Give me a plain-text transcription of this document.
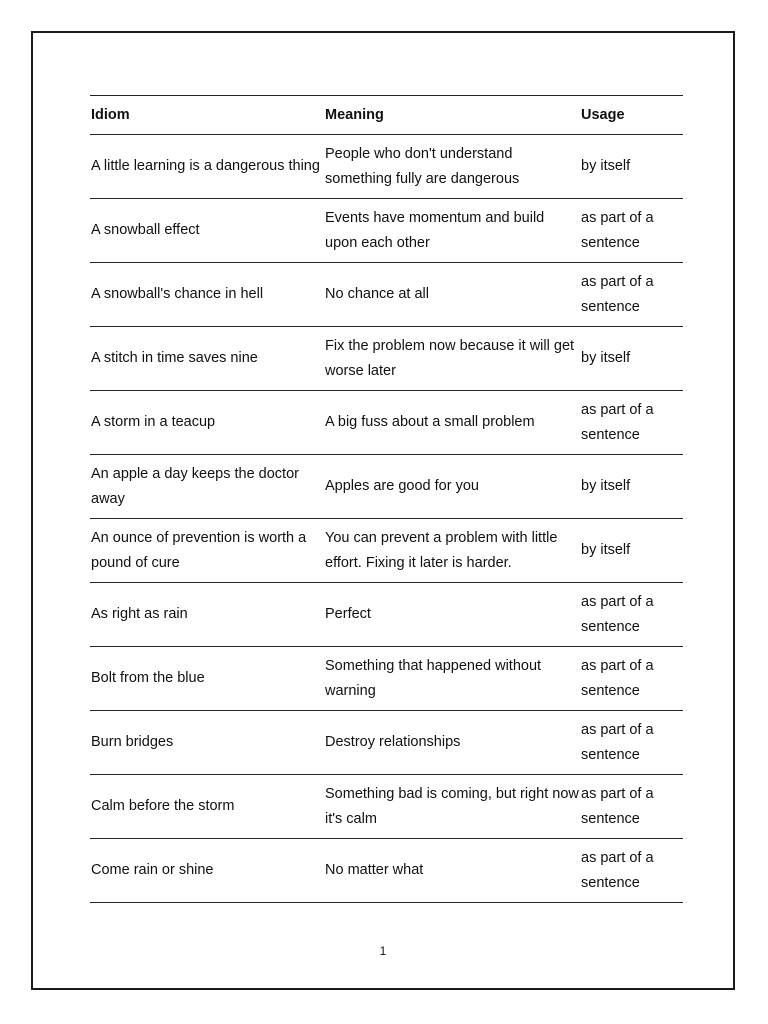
Idiom	Meaning	Usage
A little learning is a dangerous thing	People who don't understand something fully are dangerous	by itself
A snowball effect	Events have momentum and build upon each other	as part of a sentence
A snowball's chance in hell	No chance at all	as part of a sentence
A stitch in time saves nine	Fix the problem now because it will get worse later	by itself
A storm in a teacup	A big fuss about a small problem	as part of a sentence
An apple a day keeps the doctor away	Apples are good for you	by itself
An ounce of prevention is worth a pound of cure	You can prevent a problem with little effort. Fixing it later is harder.	by itself
As right as rain	Perfect	as part of a sentence
Bolt from the blue	Something that happened without warning	as part of a sentence
Burn bridges	Destroy relationships	as part of a sentence
Calm before the storm	Something bad is coming, but right now it's calm	as part of a sentence
Come rain or shine	No matter what	as part of a sentence
1
